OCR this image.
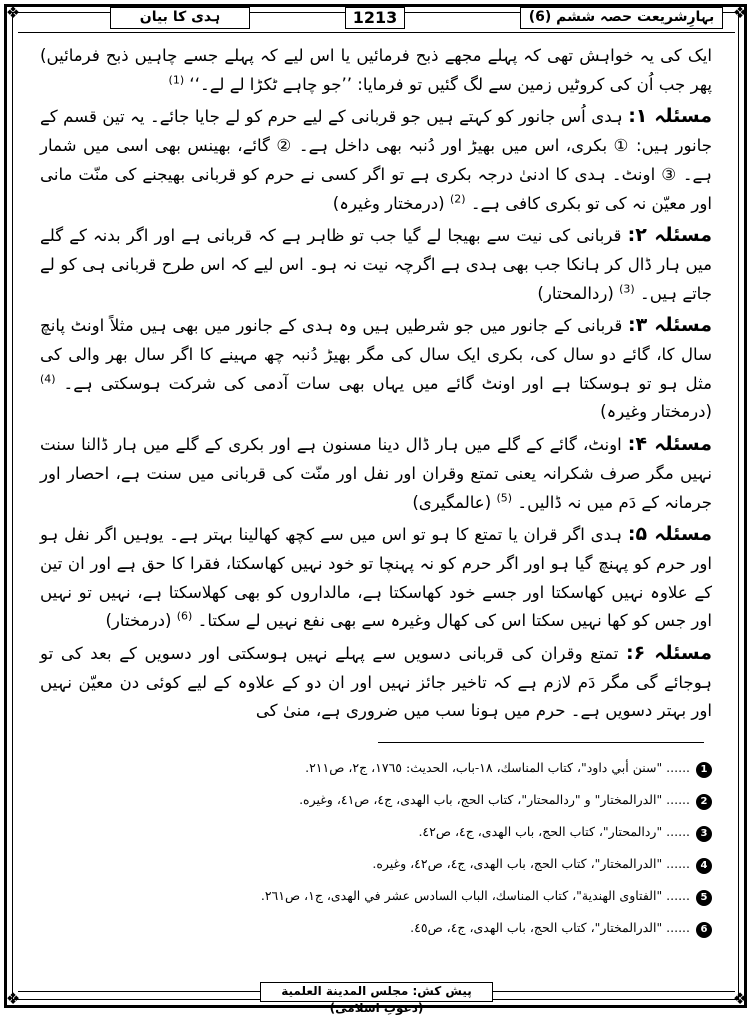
❖	❖
❖	❖
ہدی کا بیان	1213	بہارِشریعت حصہ ششم (6)

ایک کی یہ خواہش تھی کہ پہلے مجھے ذبح فرمائیں یا اس لیے کہ پہلے جسے چاہیں ذبح فرمائیں) پھر جب اُن کی کروٹیں زمین سے لگ گئیں تو فرمایا: ’’جو چاہے ٹکڑا لے لے۔‘‘ $^{(1)}$

مسئلہ ۱: ہدی اُس جانور کو کہتے ہیں جو قربانی کے لیے حرم کو لے جایا جائے۔ یہ تین قسم کے جانور ہیں: ① بکری، اس میں بھیڑ اور دُنبہ بھی داخل ہے۔ ② گائے، بھینس بھی اسی میں شمار ہے۔ ③ اونٹ۔ ہدی کا ادنیٰ درجہ بکری ہے تو اگر کسی نے حرم کو قربانی بھیجنے کی منّت مانی اور معیّن نہ کی تو بکری کافی ہے۔ $^{(2)}$ (درمختار وغیرہ)

مسئلہ ۲: قربانی کی نیت سے بھیجا لے گیا جب تو ظاہر ہے کہ قربانی ہے اور اگر بدنہ کے گلے میں ہار ڈال کر ہانکا جب بھی ہدی ہے اگرچہ نیت نہ ہو۔ اس لیے کہ اس طرح قربانی ہی کو لے جاتے ہیں۔ $^{(3)}$ (ردالمحتار)

مسئلہ ۳: قربانی کے جانور میں جو شرطیں ہیں وہ ہدی کے جانور میں بھی ہیں مثلاً اونٹ پانچ سال کا، گائے دو سال کی، بکری ایک سال کی مگر بھیڑ دُنبہ چھ مہینے کا اگر سال بھر والی کی مثل ہو تو ہوسکتا ہے اور اونٹ گائے میں یہاں بھی سات آدمی کی شرکت ہوسکتی ہے۔ $^{(4)}$ (درمختار وغیرہ)

مسئلہ ۴: اونٹ، گائے کے گلے میں ہار ڈال دینا مسنون ہے اور بکری کے گلے میں ہار ڈالنا سنت نہیں مگر صرف شکرانہ یعنی تمتع وقران اور نفل اور منّت کی قربانی میں سنت ہے، احصار اور جرمانہ کے دَم میں نہ ڈالیں۔ $^{(5)}$ (عالمگیری)

مسئلہ ۵: ہدی اگر قران یا تمتع کا ہو تو اس میں سے کچھ کھالینا بہتر ہے۔ یوہیں اگر نفل ہو اور حرم کو پہنچ گیا ہو اور اگر حرم کو نہ پہنچا تو خود نہیں کھاسکتا، فقرا کا حق ہے اور ان تین کے علاوہ نہیں کھاسکتا اور جسے خود کھاسکتا ہے، مالداروں کو بھی کھلاسکتا ہے، نہیں تو نہیں اور جس کو کھا نہیں سکتا اس کی کھال وغیرہ سے بھی نفع نہیں لے سکتا۔ $^{(6)}$ (درمختار)

مسئلہ ۶: تمتع وقران کی قربانی دسویں سے پہلے نہیں ہوسکتی اور دسویں کے بعد کی تو ہوجائے گی مگر دَم لازم ہے کہ تاخیر جائز نہیں اور ان دو کے علاوہ کے لیے کوئی دن معیّن نہیں اور بہتر دسویں ہے۔ حرم میں ہونا سب میں ضروری ہے، منیٰ کی

1 ...... "سنن أبي داود"، كتاب المناسك، ١٨-باب، الحديث: ١٧٦٥، ج٢، ص٢١١.
2 ...... "الدرالمختار" و "ردالمحتار"، كتاب الحج، باب الهدى، ج٤، ص٤١، وغيره.
3 ...... "ردالمحتار"، كتاب الحج، باب الهدى، ج٤، ص٤٢.
4 ...... "الدرالمختار"، كتاب الحج، باب الهدى، ج٤، ص٤٢، وغيره.
5 ...... "الفتاوى الهندية"، كتاب المناسك، الباب السادس عشر في الهدى، ج١، ص٢٦١.
6 ...... "الدرالمختار"، كتاب الحج، باب الهدى، ج٤، ص٤٥.
پیش کش: مجلس المدینة العلمیة (دعوتِ اسلامی)
